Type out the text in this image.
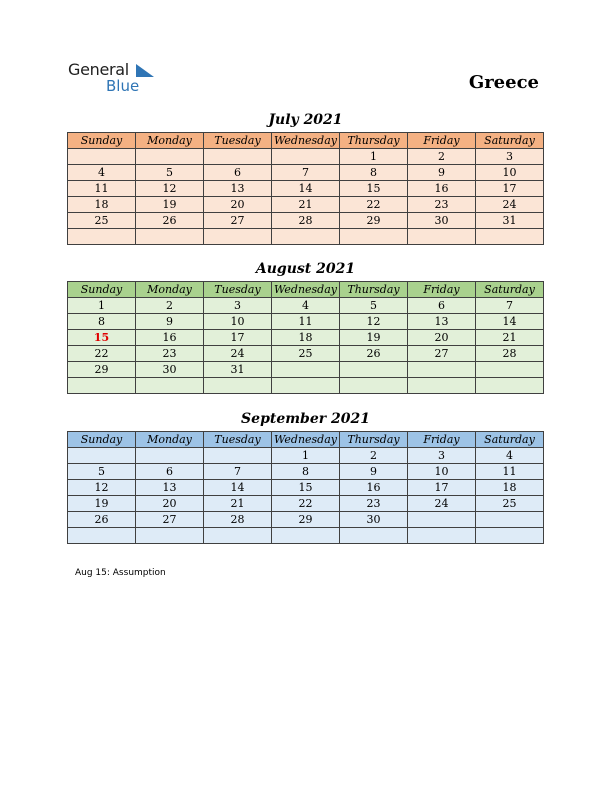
General
Blue	Greece
July 2021
Sunday	Monday	Tuesday	Wednesday	Thursday	Friday	Saturday
				1	2	3
4	5	6	7	8	9	10
11	12	13	14	15	16	17
18	19	20	21	22	23	24
25	26	27	28	29	30	31

August 2021
Sunday	Monday	Tuesday	Wednesday	Thursday	Friday	Saturday
1	2	3	4	5	6	7
8	9	10	11	12	13	14
15	16	17	18	19	20	21
22	23	24	25	26	27	28
29	30	31				

September 2021
Sunday	Monday	Tuesday	Wednesday	Thursday	Friday	Saturday
			1	2	3	4
5	6	7	8	9	10	11
12	13	14	15	16	17	18
19	20	21	22	23	24	25
26	27	28	29	30		

Aug 15: Assumption
